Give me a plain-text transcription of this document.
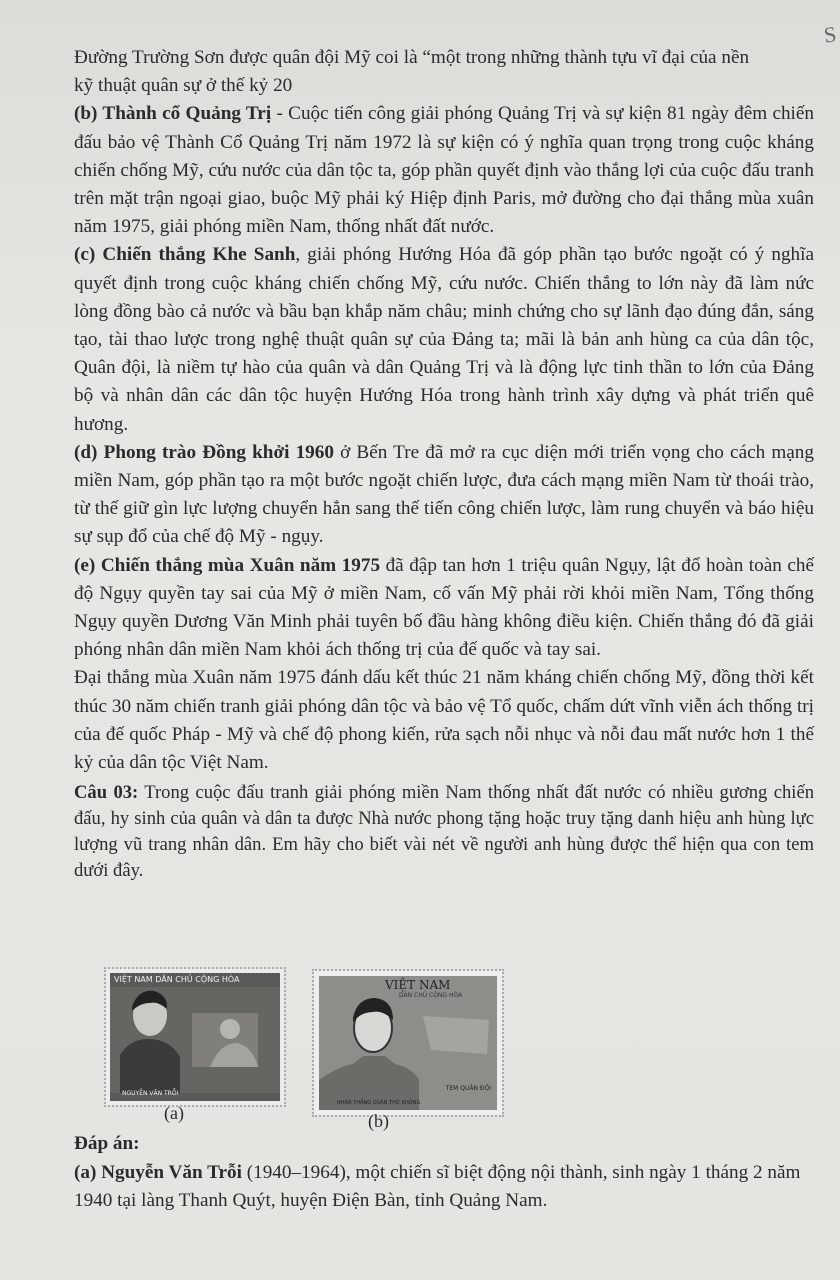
S

Đường Trường Sơn được quân đội Mỹ coi là “một trong những thành tựu vĩ đại của nền
kỹ thuật quân sự ở thế kỷ 20

(b) Thành cổ Quảng Trị - Cuộc tiến công giải phóng Quảng Trị và sự kiện 81 ngày đêm chiến đấu bảo vệ Thành Cổ Quảng Trị năm 1972 là sự kiện có ý nghĩa quan trọng trong cuộc kháng chiến chống Mỹ, cứu nước của dân tộc ta, góp phần quyết định vào thắng lợi của cuộc đấu tranh trên mặt trận ngoại giao, buộc Mỹ phải ký Hiệp định Paris, mở đường cho đại thắng mùa xuân năm 1975, giải phóng miền Nam, thống nhất đất nước.

(c) Chiến thắng Khe Sanh, giải phóng Hướng Hóa đã góp phần tạo bước ngoặt có ý nghĩa quyết định trong cuộc kháng chiến chống Mỹ, cứu nước. Chiến thắng to lớn này đã làm nức lòng đồng bào cả nước và bầu bạn khắp năm châu; minh chứng cho sự lãnh đạo đúng đắn, sáng tạo, tài thao lược trong nghệ thuật quân sự của Đảng ta; mãi là bản anh hùng ca của dân tộc, Quân đội, là niềm tự hào của quân và dân Quảng Trị và là động lực tinh thần to lớn của Đảng bộ và nhân dân các dân tộc huyện Hướng Hóa trong hành trình xây dựng và phát triển quê hương.

(d) Phong trào Đồng khởi 1960 ở Bến Tre đã mở ra cục diện mới triển vọng cho cách mạng miền Nam, góp phần tạo ra một bước ngoặt chiến lược, đưa cách mạng miền Nam từ thoái trào, từ thế giữ gìn lực lượng chuyển hẳn sang thế tiến công chiến lược, làm rung chuyển và báo hiệu sự sụp đổ của chế độ Mỹ - ngụy.

(e) Chiến thắng mùa Xuân năm 1975 đã đập tan hơn 1 triệu quân Ngụy, lật đổ hoàn toàn chế độ Ngụy quyền tay sai của Mỹ ở miền Nam, cố vấn Mỹ phải rời khỏi miền Nam, Tổng thống Ngụy quyền Dương Văn Minh phải tuyên bố đầu hàng không điều kiện. Chiến thắng đó đã giải phóng nhân dân miền Nam khỏi ách thống trị của đế quốc và tay sai.

Đại thắng mùa Xuân năm 1975 đánh dấu kết thúc 21 năm kháng chiến chống Mỹ, đồng thời kết thúc 30 năm chiến tranh giải phóng dân tộc và bảo vệ Tổ quốc, chấm dứt vĩnh viễn ách thống trị của đế quốc Pháp - Mỹ và chế độ phong kiến, rửa sạch nỗi nhục và nỗi đau mất nước hơn 1 thế kỷ của dân tộc Việt Nam.

Câu 03: Trong cuộc đấu tranh giải phóng miền Nam thống nhất đất nước có nhiều gương chiến đấu, hy sinh của quân và dân ta được Nhà nước phong tặng hoặc truy tặng danh hiệu anh hùng lực lượng vũ trang nhân dân. Em hãy cho biết vài nét về người anh hùng được thể hiện qua con tem dưới đây.

VIỆT NAM DÂN CHỦ CỘNG HÒA
NGUYỄN VĂN TRỖI
VIỆT NAM
DÂN CHỦ CỘNG HÒA
TEM QUÂN ĐỘI
NHÂN THẮNG QUÂN THỨ KHÔNG
(a)	(b)

Đáp án:

(a) Nguyễn Văn Trỗi (1940–1964), một chiến sĩ biệt động nội thành, sinh ngày 1 tháng 2 năm 1940 tại làng Thanh Quýt, huyện Điện Bàn, tỉnh Quảng Nam.
